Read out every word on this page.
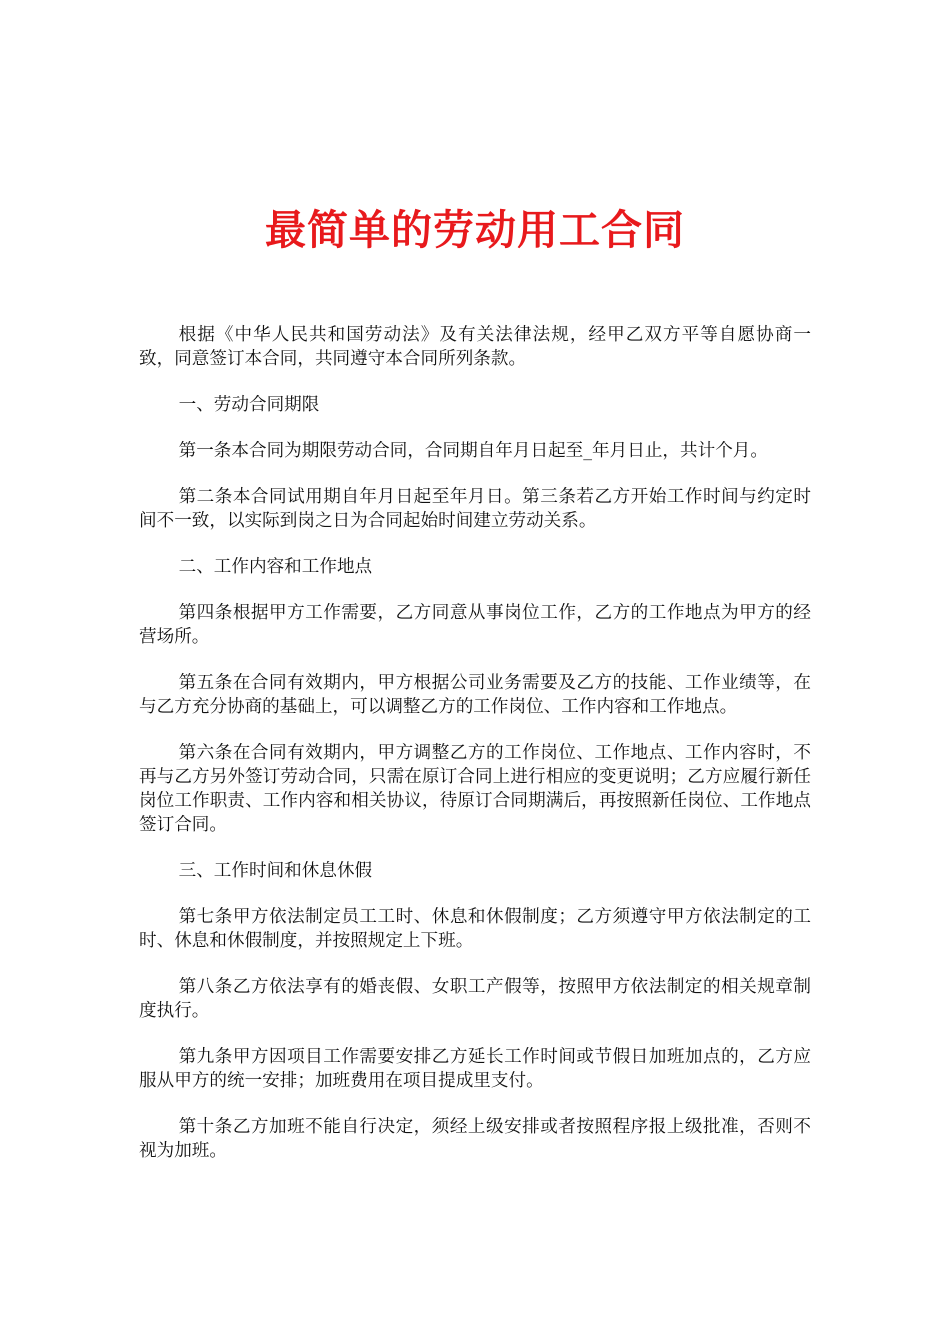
最简单的劳动用工合同

根据《中华人民共和国劳动法》及有关法律法规，经甲乙双方平等自愿协商一致，同意签订本合同，共同遵守本合同所列条款。

一、劳动合同期限

第一条本合同为期限劳动合同，合同期自年月日起至_年月日止，共计个月。

第二条本合同试用期自年月日起至年月日。第三条若乙方开始工作时间与约定时间不一致，以实际到岗之日为合同起始时间建立劳动关系。

二、工作内容和工作地点

第四条根据甲方工作需要，乙方同意从事岗位工作，乙方的工作地点为甲方的经营场所。

第五条在合同有效期内，甲方根据公司业务需要及乙方的技能、工作业绩等，在与乙方充分协商的基础上，可以调整乙方的工作岗位、工作内容和工作地点。

第六条在合同有效期内，甲方调整乙方的工作岗位、工作地点、工作内容时，不再与乙方另外签订劳动合同，只需在原订合同上进行相应的变更说明；乙方应履行新任岗位工作职责、工作内容和相关协议，待原订合同期满后，再按照新任岗位、工作地点签订合同。

三、工作时间和休息休假

第七条甲方依法制定员工工时、休息和休假制度；乙方须遵守甲方依法制定的工时、休息和休假制度，并按照规定上下班。

第八条乙方依法享有的婚丧假、女职工产假等，按照甲方依法制定的相关规章制度执行。

第九条甲方因项目工作需要安排乙方延长工作时间或节假日加班加点的，乙方应服从甲方的统一安排；加班费用在项目提成里支付。

第十条乙方加班不能自行决定，须经上级安排或者按照程序报上级批准，否则不视为加班。
